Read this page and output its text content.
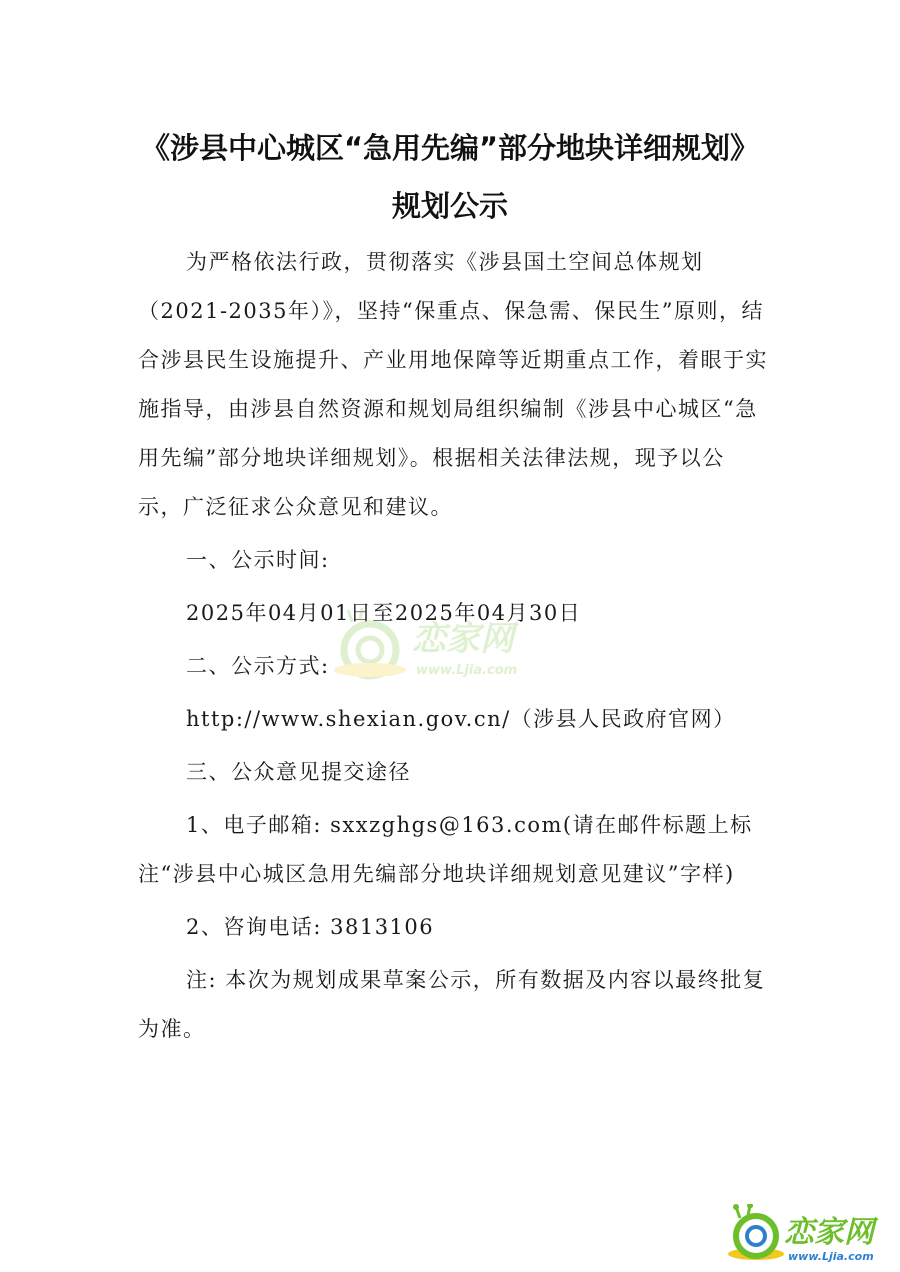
《涉县中心城区“急用先编”部分地块详细规划》
规划公示

为严格依法行政，贯彻落实《涉县国土空间总体规划（2021-2035年）》，坚持“保重点、保急需、保民生”原则，结合涉县民生设施提升、产业用地保障等近期重点工作，着眼于实施指导，由涉县自然资源和规划局组织编制《涉县中心城区“急用先编”部分地块详细规划》。根据相关法律法规，现予以公示，广泛征求公众意见和建议。

一、公示时间:

2025年04月01日至2025年04月30日

二、公示方式:

http://www.shexian.gov.cn/（涉县人民政府官网）

三、公众意见提交途径

1、电子邮箱: sxxzghgs@163.com(请在邮件标题上标注“涉县中心城区急用先编部分地块详细规划意见建议”字样)

2、咨询电话: 3813106

注: 本次为规划成果草案公示，所有数据及内容以最终批复为准。

恋家网
www.Ljia.com
恋家网
www.Ljia.com
